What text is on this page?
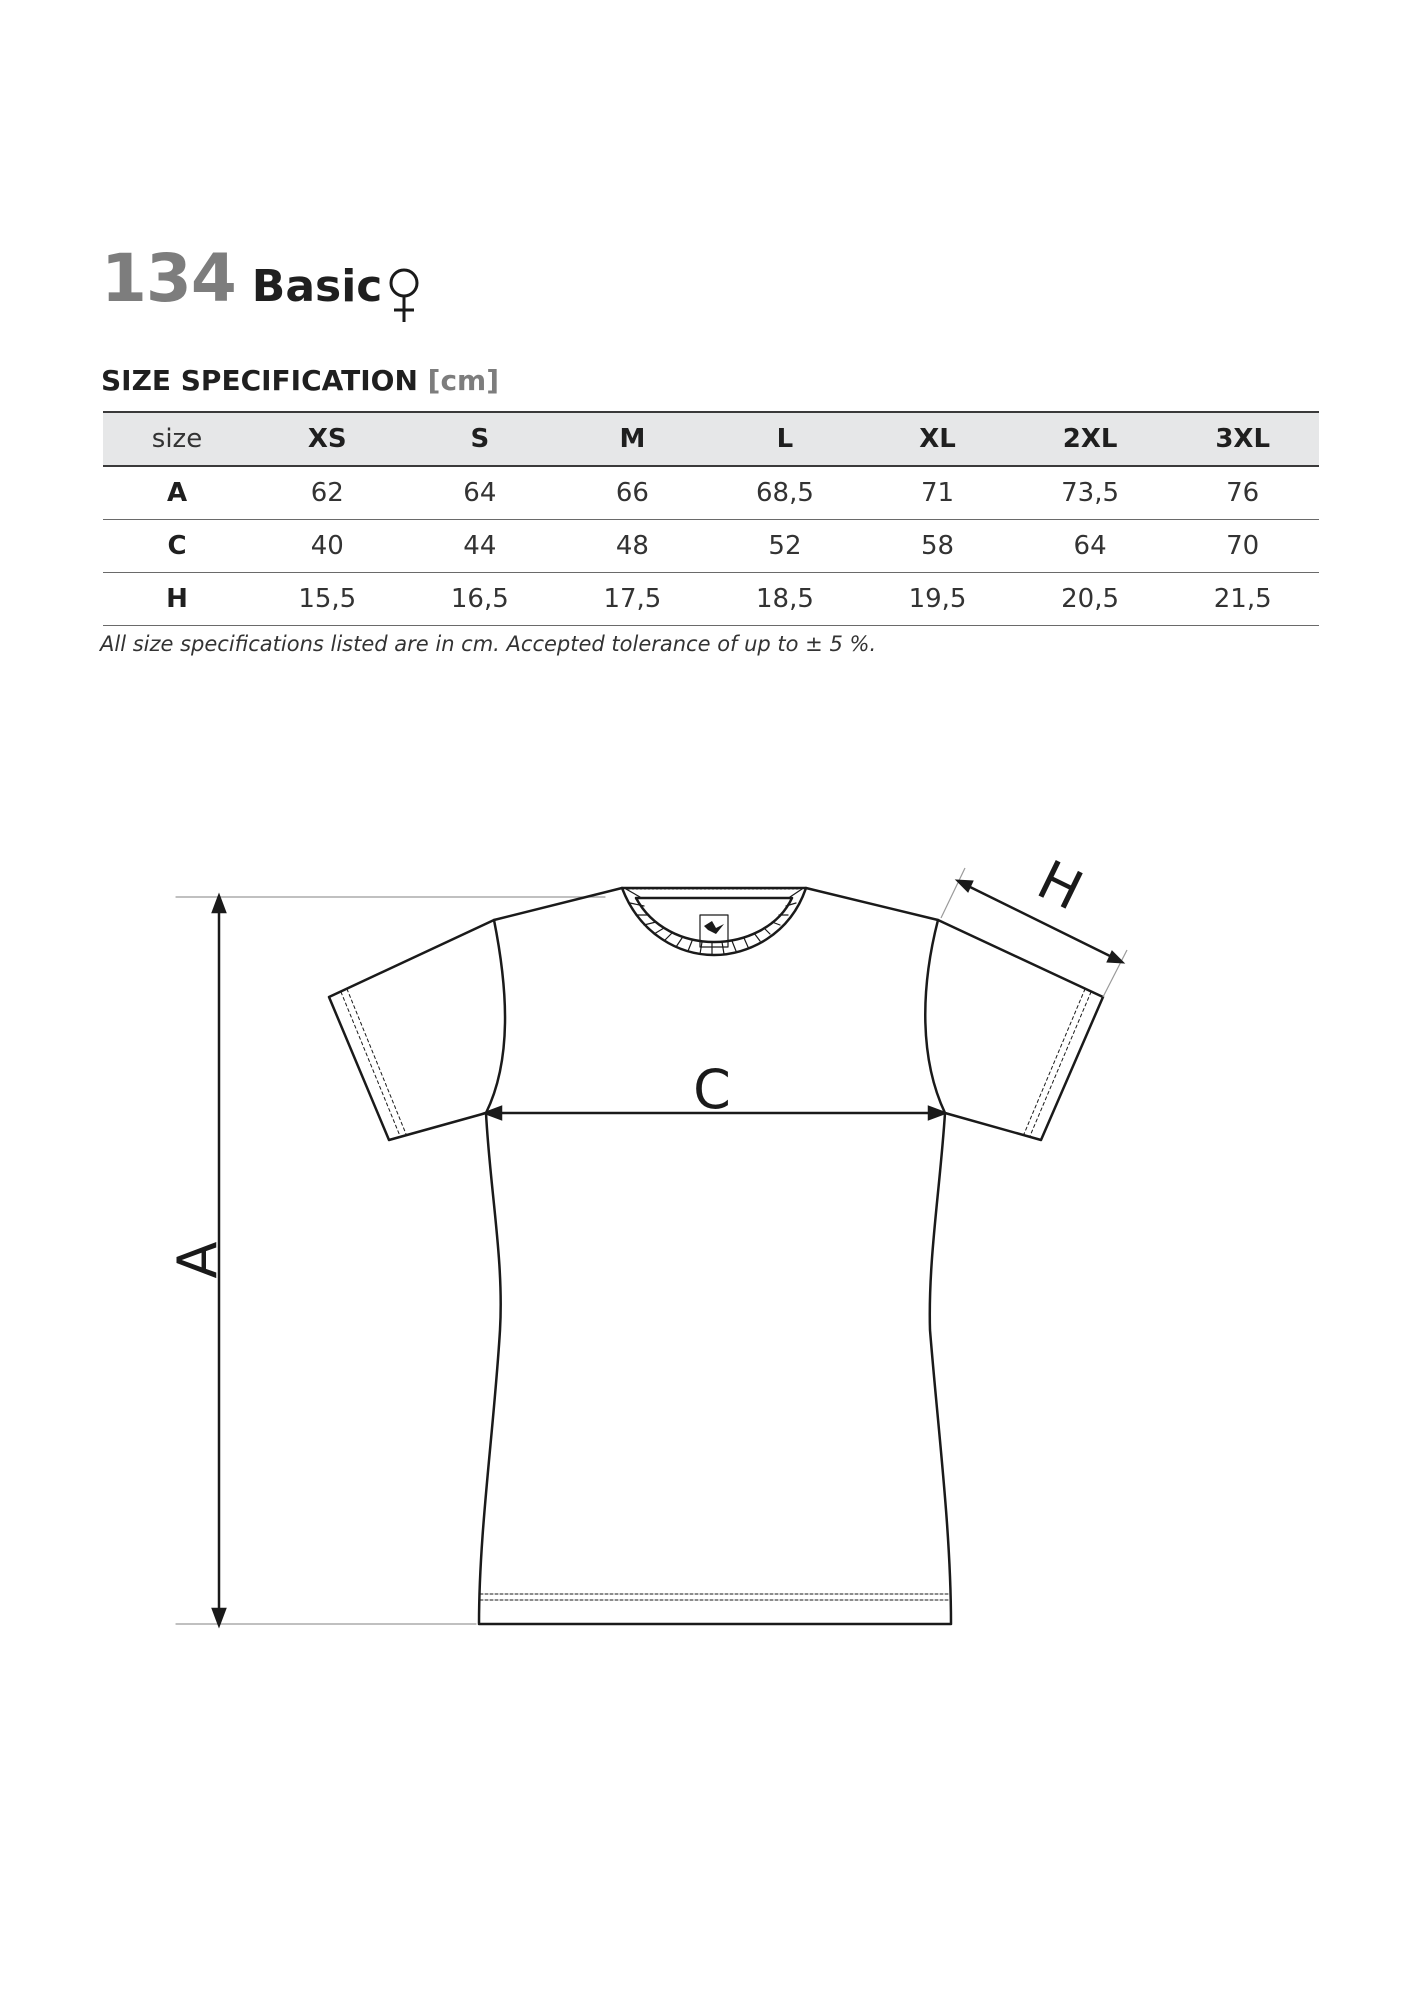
134 Basic
SIZE SPECIFICATION [cm]
size	XS	S	M	L	XL	2XL	3XL
A	62	64	66	68,5	71	73,5	76
C	40	44	48	52	58	64	70
H	15,5	16,5	17,5	18,5	19,5	20,5	21,5
All size specifications listed are in cm. Accepted tolerance of up to ± 5 %.
A
C
H
